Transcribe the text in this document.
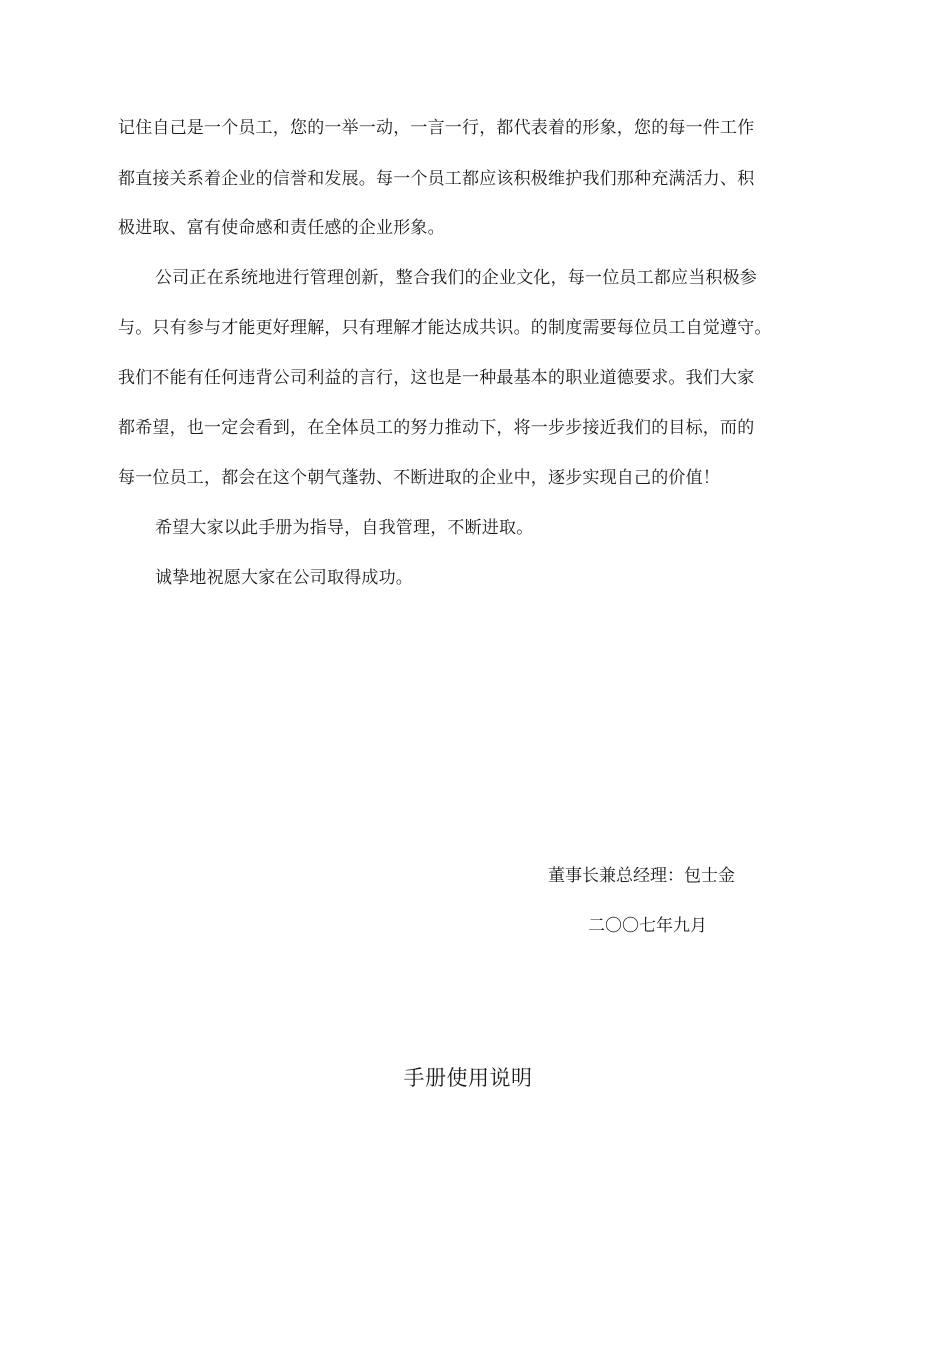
记住自己是一个员工，您的一举一动，一言一行，都代表着的形象，您的每一件工作
都直接关系着企业的信誉和发展。每一个员工都应该积极维护我们那种充满活力、积
极进取、富有使命感和责任感的企业形象。
公司正在系统地进行管理创新，整合我们的企业文化，每一位员工都应当积极参
与。只有参与才能更好理解，只有理解才能达成共识。的制度需要每位员工自觉遵守。
我们不能有任何违背公司利益的言行，这也是一种最基本的职业道德要求。我们大家
都希望，也一定会看到，在全体员工的努力推动下，将一步步接近我们的目标，而的
每一位员工，都会在这个朝气蓬勃、不断进取的企业中，逐步实现自己的价值！
希望大家以此手册为指导，自我管理，不断进取。
诚挚地祝愿大家在公司取得成功。
董事长兼总经理：包士金
二〇〇七年九月
手册使用说明
